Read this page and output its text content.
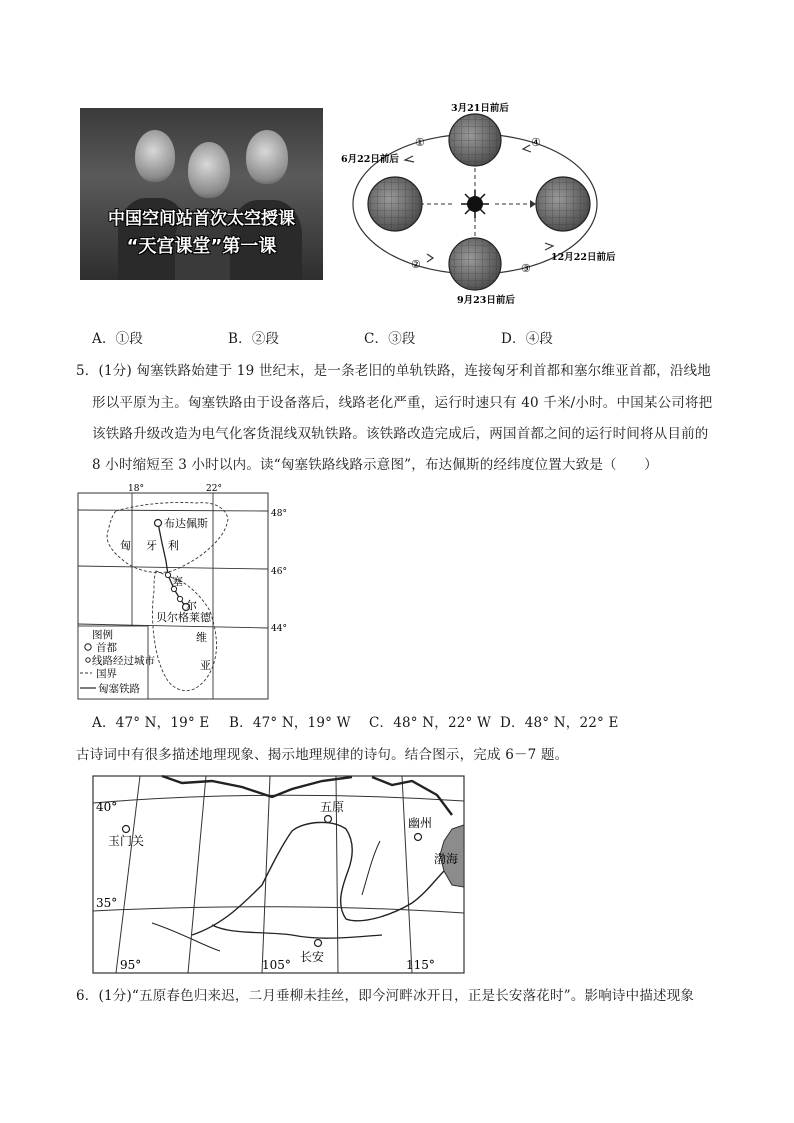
中国空间站首次太空授课
“天宫课堂”第一课
3月21日前后
6月22日前后
9月23日前后
12月22日前后
①
②	③
④
A．①段	B．②段	C．③段	D．④段
5．(1分) 匈塞铁路始建于 19 世纪末，是一条老旧的单轨铁路，连接匈牙利首都和塞尔维亚首都，沿线地
形以平原为主。匈塞铁路由于设备落后，线路老化严重，运行时速只有 40 千米/小时。中国某公司将把
该铁路升级改造为电气化客货混线双轨铁路。该铁路改造完成后，两国首都之间的运行时间将从目前的
8 小时缩短至 3 小时以内。读“匈塞铁路线路示意图”，布达佩斯的经纬度位置大致是（　　）
18°	22°
48°
46°
44°
布达佩斯
贝尔格莱德
匈 牙 利
塞
尔
维
亚
图例
首都
线路经过城市
国界
匈塞铁路
A．47° N，19° E B．47° N，19° W C．48° N，22° W D．48° N，22° E
古诗词中有很多描述地理现象、揭示地理规律的诗句。结合图示，完成 6－7 题。
玉门关
五原
幽州
渤海
长安
40°
35°
95°	105°	115°
6．(1分)“五原春色归来迟，二月垂柳未挂丝，即今河畔冰开日，正是长安落花时”。影响诗中描述现象
